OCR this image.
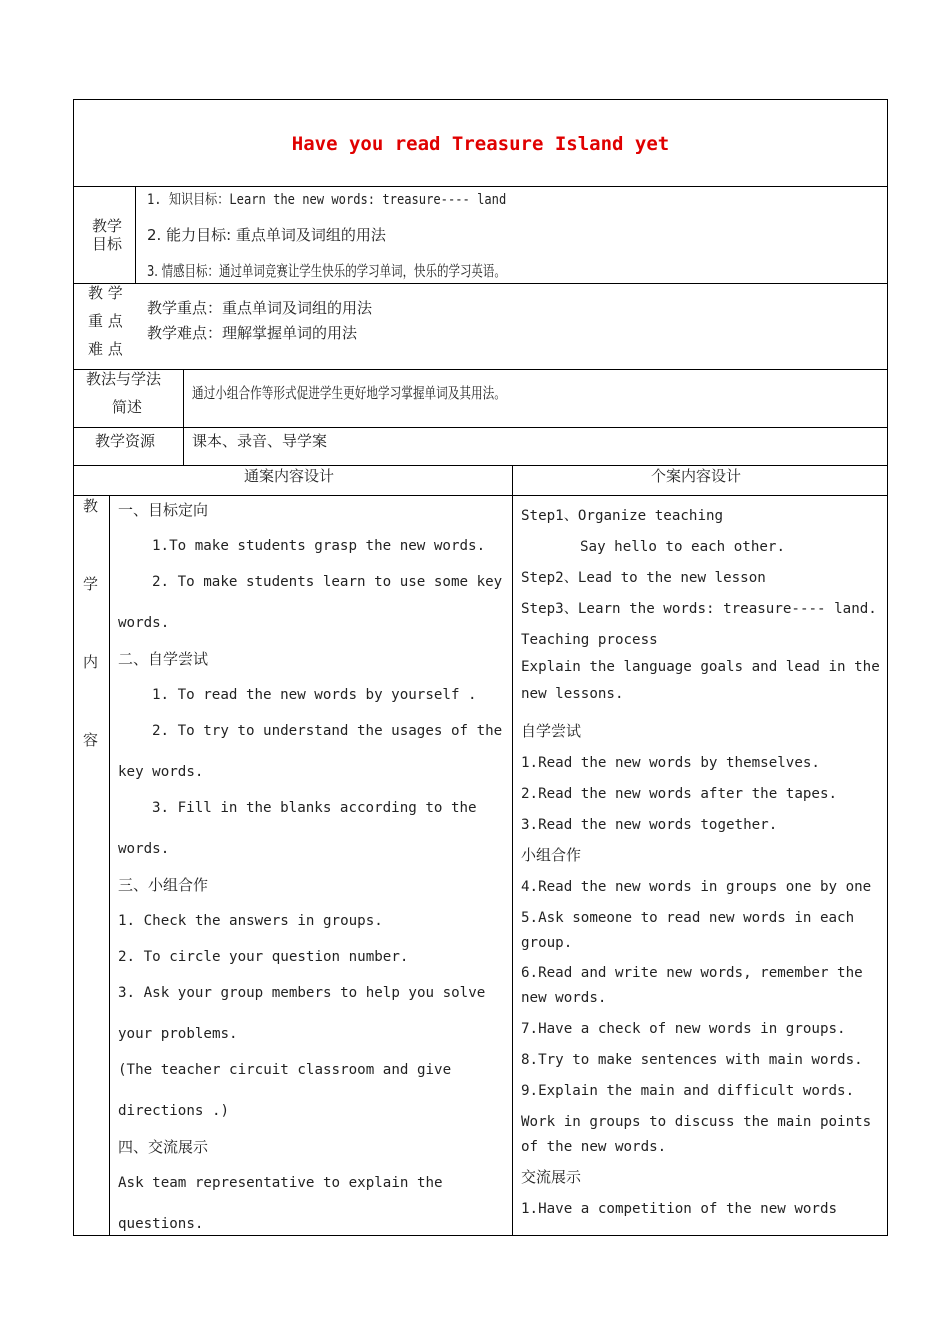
Have you read Treasure Island yet
教学
目标
1. 知识目标：Learn the new words: treasure---- land
2. 能力目标: 重点单词及词组的用法
3. 情感目标：通过单词竞赛让学生快乐的学习单词，快乐的学习英语。
教 学
重 点
难 点
教学重点：重点单词及词组的用法
教学难点：理解掌握单词的用法
教法与学法
简述
通过小组合作等形式促进学生更好地学习掌握单词及其用法。
教学资源 课本、录音、导学案
通案内容设计	个案内容设计
教
学
内
容
一、目标定向
1.To make students grasp the new words.
2. To make students learn to use some key
words.
二、自学尝试
1. To read the new words by yourself .
2. To try to understand the usages of the
key words.
3. Fill in the blanks according to the
words.
三、小组合作
1. Check the answers in groups.
2. To circle your question number.
3. Ask your group members to help you solve
your problems.
(The teacher circuit classroom and give
directions .)
四、交流展示
Ask team representative to explain the
questions.
Step1、Organize teaching
Say hello to each other.
Step2、Lead to the new lesson
Step3、Learn the words: treasure---- land.
Teaching process
Explain the language goals and lead in the
new lessons.
自学尝试
1.Read the new words by themselves.
2.Read the new words after the tapes.
3.Read the new words together.
小组合作
4.Read the new words in groups one by one
5.Ask someone to read new words in each
group.
6.Read and write new words, remember the
new words.
7.Have a check of new words in groups.
8.Try to make sentences with main words.
9.Explain the main and difficult words.
Work in groups to discuss the main points
of the new words.
交流展示
1.Have a competition of the new words
